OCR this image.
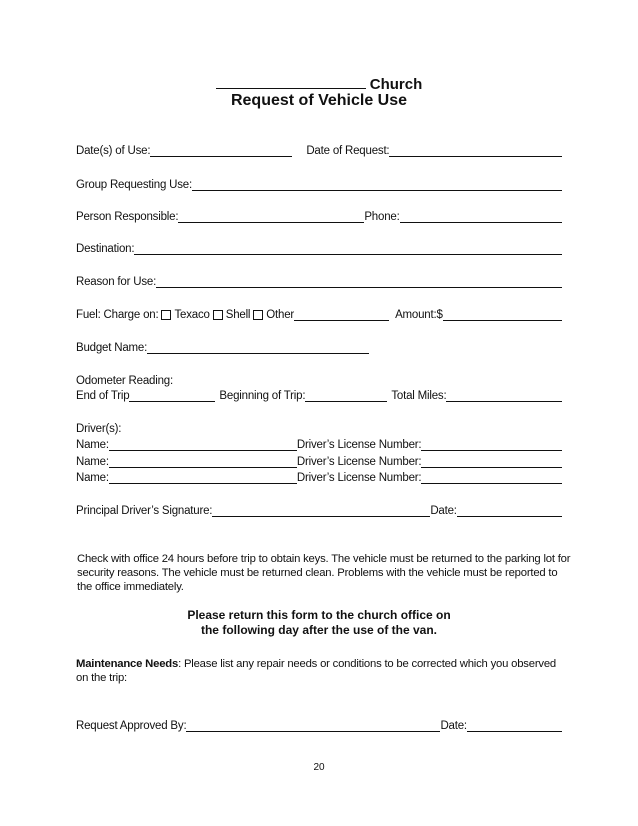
Church
Request of Vehicle Use
Date(s) of Use:	Date of Request:
Group Requesting Use:
Person Responsible:	Phone:
Destination:
Reason for Use:
Fuel: Charge on: Texaco Shell Other	Amount:$
Budget Name:
Odometer Reading:
End of Trip	Beginning of Trip:	Total Miles:
Driver(s):
Name:	Driver’s License Number:
Name:	Driver’s License Number:
Name:	Driver’s License Number:
Principal Driver’s Signature:	Date:
Check with office 24 hours before trip to obtain keys. The vehicle must be returned to the parking lot for security reasons. The vehicle must be returned clean. Problems with the vehicle must be reported to the office immediately.
Please return this form to the church office on
the following day after the use of the van.
Maintenance Needs: Please list any repair needs or conditions to be corrected which you observed on the trip:
Request Approved By:	Date:
20
